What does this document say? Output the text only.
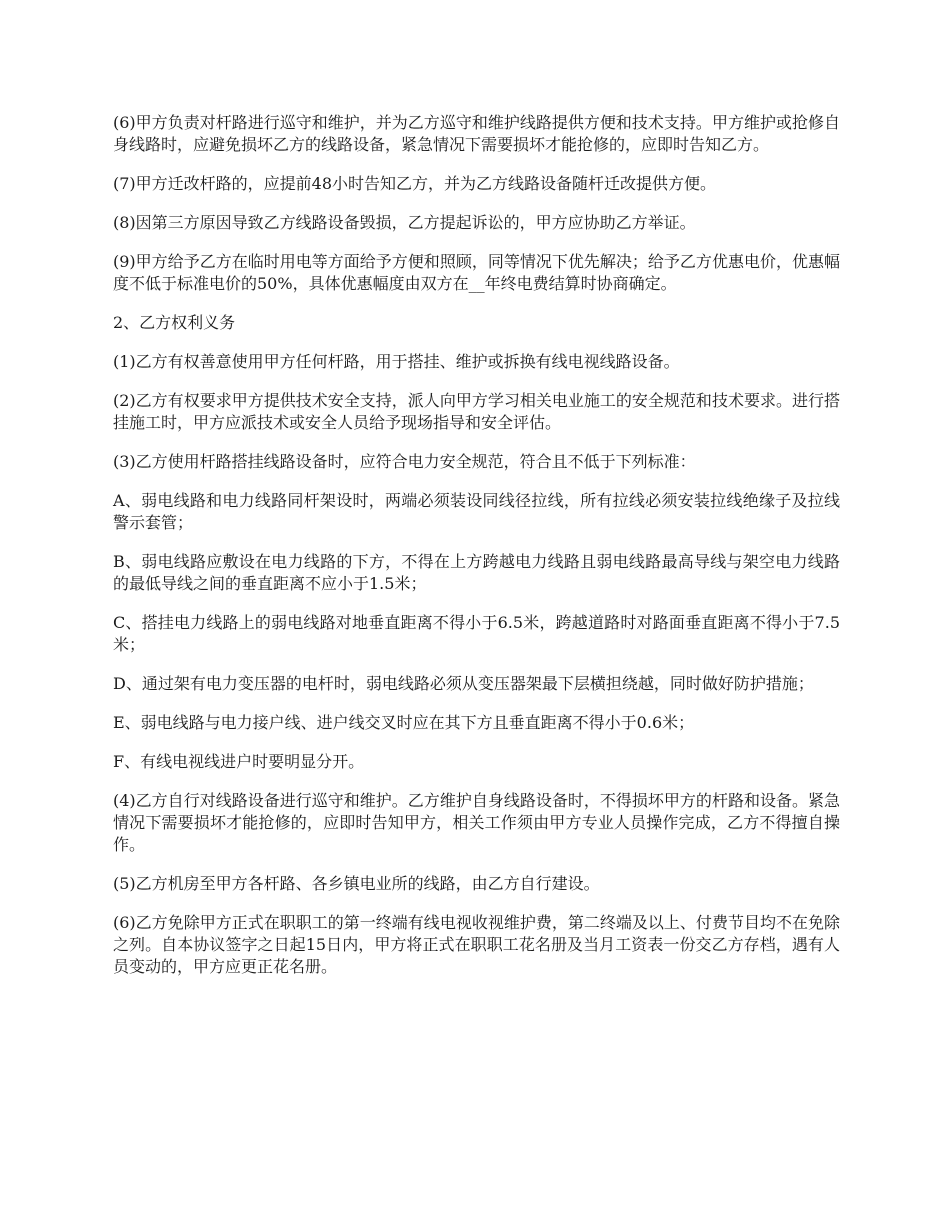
(6)甲方负责对杆路进行巡守和维护，并为乙方巡守和维护线路提供方便和技术支持。甲方维护或抢修自身线路时，应避免损坏乙方的线路设备，紧急情况下需要损坏才能抢修的，应即时告知乙方。

(7)甲方迁改杆路的，应提前48小时告知乙方，并为乙方线路设备随杆迁改提供方便。

(8)因第三方原因导致乙方线路设备毁损，乙方提起诉讼的，甲方应协助乙方举证。

(9)甲方给予乙方在临时用电等方面给予方便和照顾，同等情况下优先解决；给予乙方优惠电价，优惠幅度不低于标准电价的50%，具体优惠幅度由双方在__年终电费结算时协商确定。

2、乙方权利义务

(1)乙方有权善意使用甲方任何杆路，用于搭挂、维护或拆换有线电视线路设备。

(2)乙方有权要求甲方提供技术安全支持，派人向甲方学习相关电业施工的安全规范和技术要求。进行搭挂施工时，甲方应派技术或安全人员给予现场指导和安全评估。

(3)乙方使用杆路搭挂线路设备时，应符合电力安全规范，符合且不低于下列标准：

A、弱电线路和电力线路同杆架设时，两端必须装设同线径拉线，所有拉线必须安装拉线绝缘子及拉线警示套管；

B、弱电线路应敷设在电力线路的下方，不得在上方跨越电力线路且弱电线路最高导线与架空电力线路的最低导线之间的垂直距离不应小于1.5米；

C、搭挂电力线路上的弱电线路对地垂直距离不得小于6.5米，跨越道路时对路面垂直距离不得小于7.5米；

D、通过架有电力变压器的电杆时，弱电线路必须从变压器架最下层横担绕越，同时做好防护措施；

E、弱电线路与电力接户线、进户线交叉时应在其下方且垂直距离不得小于0.6米；

F、有线电视线进户时要明显分开。

(4)乙方自行对线路设备进行巡守和维护。乙方维护自身线路设备时，不得损坏甲方的杆路和设备。紧急情况下需要损坏才能抢修的，应即时告知甲方，相关工作须由甲方专业人员操作完成，乙方不得擅自操作。

(5)乙方机房至甲方各杆路、各乡镇电业所的线路，由乙方自行建设。

(6)乙方免除甲方正式在职职工的第一终端有线电视收视维护费，第二终端及以上、付费节目均不在免除之列。自本协议签字之日起15日内，甲方将正式在职职工花名册及当月工资表一份交乙方存档，遇有人员变动的，甲方应更正花名册。
